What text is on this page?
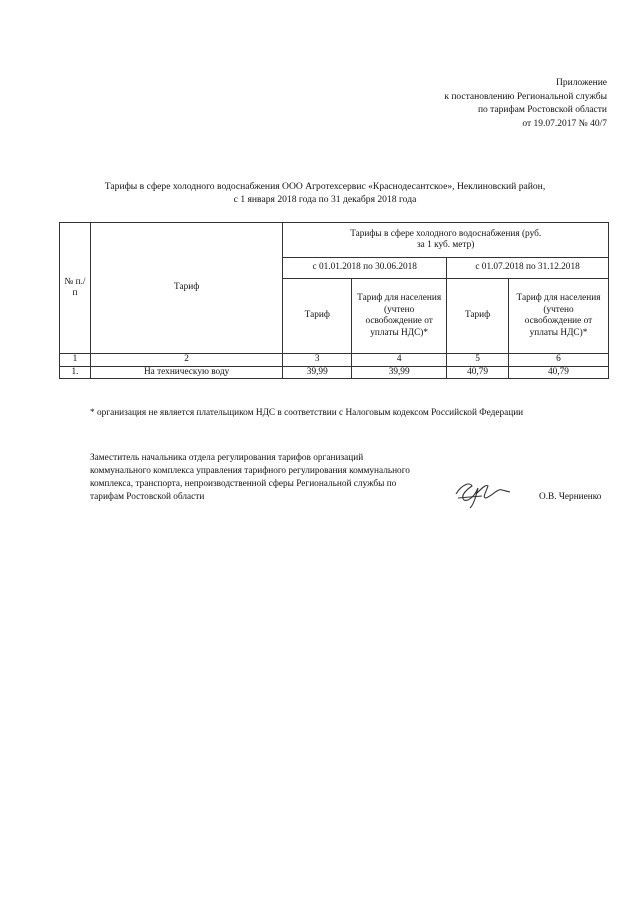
Приложение
к постановлению Региональной службы
по тарифам Ростовской области
от 19.07.2017 № 40/7
Тарифы в сфере холодного водоснабжения ООО Агротехсервис «Краснодесантское», Неклиновский район,
с 1 января 2018 года по 31 декабря 2018 года
№ п./п	Тариф	Тарифы в сфере холодного водоснабжения (руб. за 1 куб. метр)			
		с 01.01.2018 по 30.06.2018		с 01.07.2018 по 31.12.2018	
		Тариф	Тариф для населения (учтено освобождение от уплаты НДС)*	Тариф	Тариф для населения (учтено освобождение от уплаты НДС)*
1	2	3	4	5	6
1.	На техническую воду	39,99	39,99	40,79	40,79
* организация не является плательщиком НДС в соответствии с Налоговым кодексом Российской Федерации
Заместитель начальника отдела регулирования тарифов организаций
коммунального комплекса управления тарифного регулирования коммунального
комплекса, транспорта, непроизводственной сферы Региональной службы по
тарифам Ростовской области	О.В. Черниенко
